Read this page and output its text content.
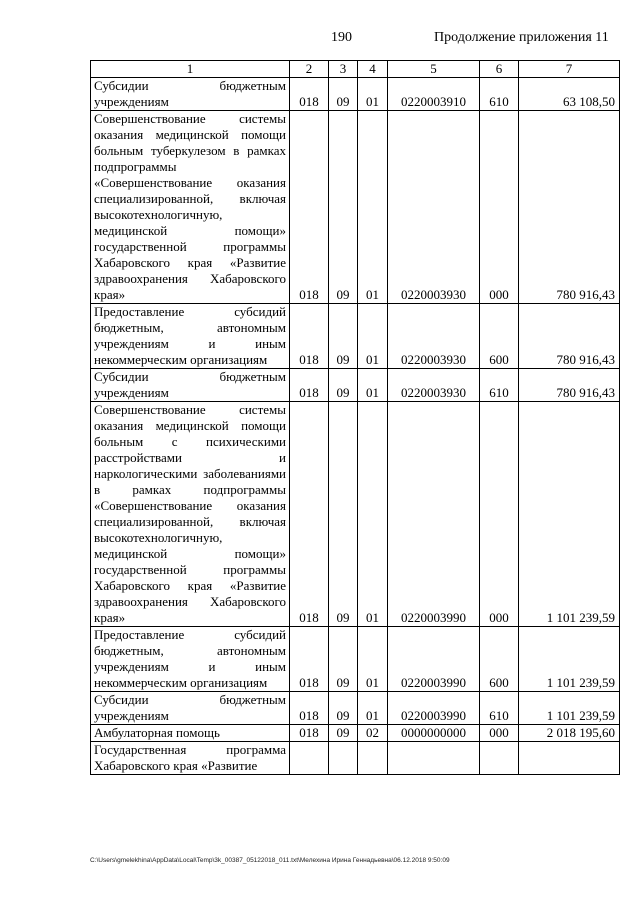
190	Продолжение приложения 11
1	2	3	4	5	6	7
Субсидии бюджетным учреждениям	018	09	01	0220003910	610	63 108,50
Совершенствование системы оказания медицинской помощи больным туберкулезом в рамках подпрограммы «Совершенствование оказания специализированной, включая высокотехнологичную, медицинской помощи» государственной программы Хабаровского края «Развитие здравоохранения Хабаровского края»	018	09	01	0220003930	000	780 916,43
Предоставление субсидий бюджетным, автономным учреждениям и иным некоммерческим организациям	018	09	01	0220003930	600	780 916,43
Субсидии бюджетным учреждениям	018	09	01	0220003930	610	780 916,43
Совершенствование системы оказания медицинской помощи больным с психическими расстройствами и наркологическими заболеваниями в рамках подпрограммы «Совершенствование оказания специализированной, включая высокотехнологичную, медицинской помощи» государственной программы Хабаровского края «Развитие здравоохранения Хабаровского края»	018	09	01	0220003990	000	1 101 239,59
Предоставление субсидий бюджетным, автономным учреждениям и иным некоммерческим организациям	018	09	01	0220003990	600	1 101 239,59
Субсидии бюджетным учреждениям	018	09	01	0220003990	610	1 101 239,59
Амбулаторная помощь	018	09	02	0000000000	000	2 018 195,60
Государственная программа Хабаровского края «Развитие						
C:\Users\gmelekhina\AppData\Local\Temp\3k_00387_05122018_011.txt\Мелехина Ирина Геннадьевна\06.12.2018 9:50:09
